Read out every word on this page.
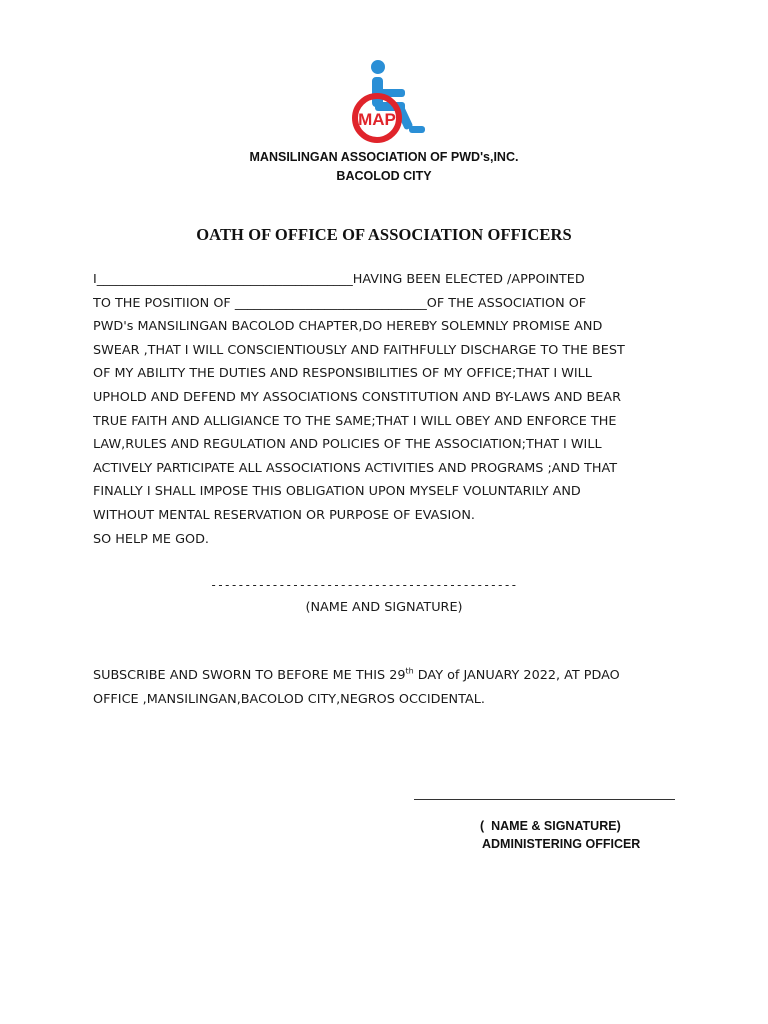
MAP
MANSILINGAN ASSOCIATION OF PWD's,INC.
BACOLOD CITY
OATH OF OFFICE OF ASSOCIATION OFFICERS
I________________________________________HAVING BEEN ELECTED /APPOINTED
TO THE POSITIION OF ______________________________OF THE ASSOCIATION OF
PWD's MANSILINGAN BACOLOD CHAPTER,DO HEREBY SOLEMNLY PROMISE AND
SWEAR ,THAT I WILL CONSCIENTIOUSLY AND FAITHFULLY DISCHARGE TO THE BEST
OF MY ABILITY THE DUTIES AND RESPONSIBILITIES OF MY OFFICE;THAT I WILL
UPHOLD AND DEFEND MY ASSOCIATIONS CONSTITUTION AND BY-LAWS AND BEAR
TRUE FAITH AND ALLIGIANCE TO THE SAME;THAT I WILL OBEY AND ENFORCE THE
LAW,RULES AND REGULATION AND POLICIES OF THE ASSOCIATION;THAT I WILL
ACTIVELY PARTICIPATE ALL ASSOCIATIONS ACTIVITIES AND PROGRAMS ;AND THAT
FINALLY I SHALL IMPOSE THIS OBLIGATION UPON MYSELF VOLUNTARILY AND
WITHOUT MENTAL RESERVATION OR PURPOSE OF EVASION.
SO HELP ME GOD.
---------------------------------------------
(NAME AND SIGNATURE)
SUBSCRIBE AND SWORN TO BEFORE ME THIS 29th DAY of JANUARY 2022, AT PDAO
OFFICE ,MANSILINGAN,BACOLOD CITY,NEGROS OCCIDENTAL.
(  NAME & SIGNATURE)
ADMINISTERING OFFICER
